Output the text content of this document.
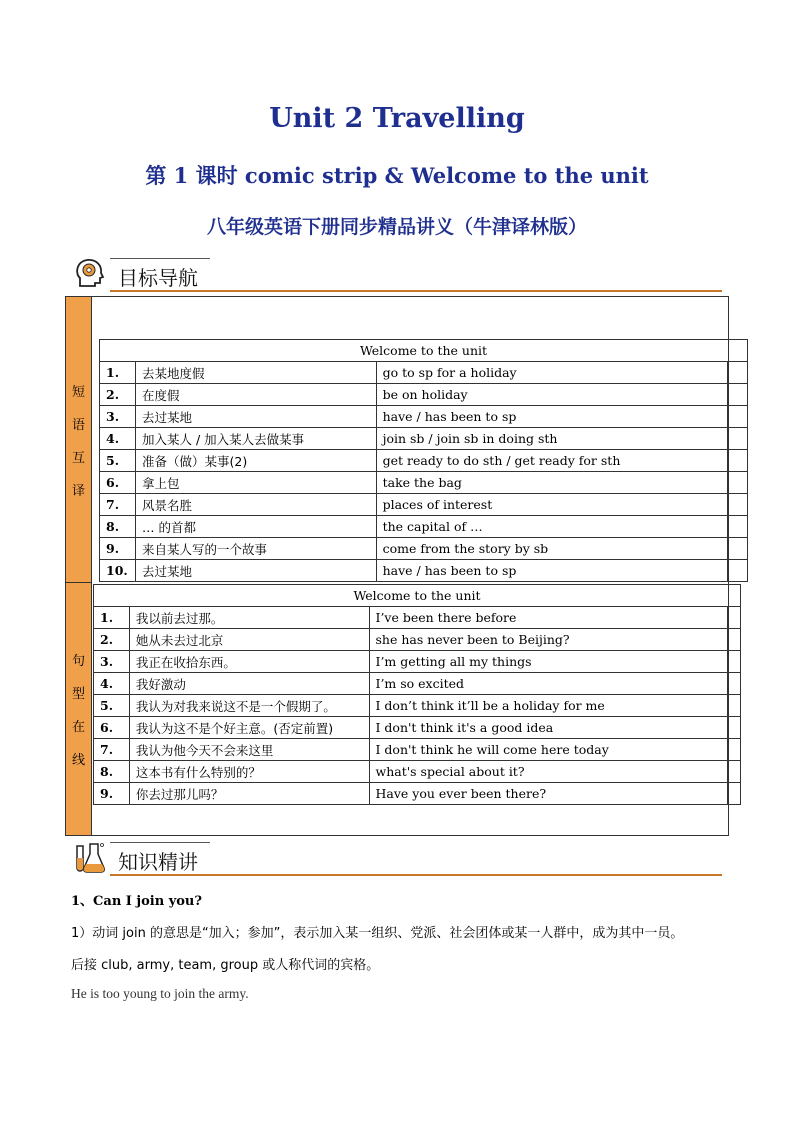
Unit 2 Travelling
第 1 课时 comic strip & Welcome to the unit
八年级英语下册同步精品讲义（牛津译林版）
目标导航
短
语
互
译
句
型
在
线
Welcome to the unit			
1.	去某地度假	go to sp for a holiday	
2.	在度假	be on holiday	
3.	去过某地	have / has been to sp	
4.	加入某人 / 加入某人去做某事	join sb / join sb in doing sth	
5.	准备（做）某事(2)	get ready to do sth / get ready for sth	
6.	拿上包	take the bag	
7.	风景名胜	places of interest	
8.	… 的首都	the capital of …	
9.	来自某人写的一个故事	come from the story by sb	
10.	去过某地	have / has been to sp	
Welcome to the unit			
1.	我以前去过那。	I’ve been there before	
2.	她从未去过北京	she has never been to Beijing?	
3.	我正在收拾东西。	I’m getting all my things	
4.	我好激动	I’m so excited	
5.	我认为对我来说这不是一个假期了。	I don’t think it’ll be a holiday for me	
6.	我认为这不是个好主意。(否定前置)	I don't think it's a good idea	
7.	我认为他今天不会来这里	I don't think he will come here today	
8.	这本书有什么特别的？	what's special about it?	
9.	你去过那儿吗？	Have you ever been there?	
知识精讲
1、Can I join you?
1）动词 join 的意思是“加入；参加”，表示加入某一组织、党派、社会团体或某一人群中，成为其中一员。
后接 club, army, team, group 或人称代词的宾格。
He is too young to join the army.
